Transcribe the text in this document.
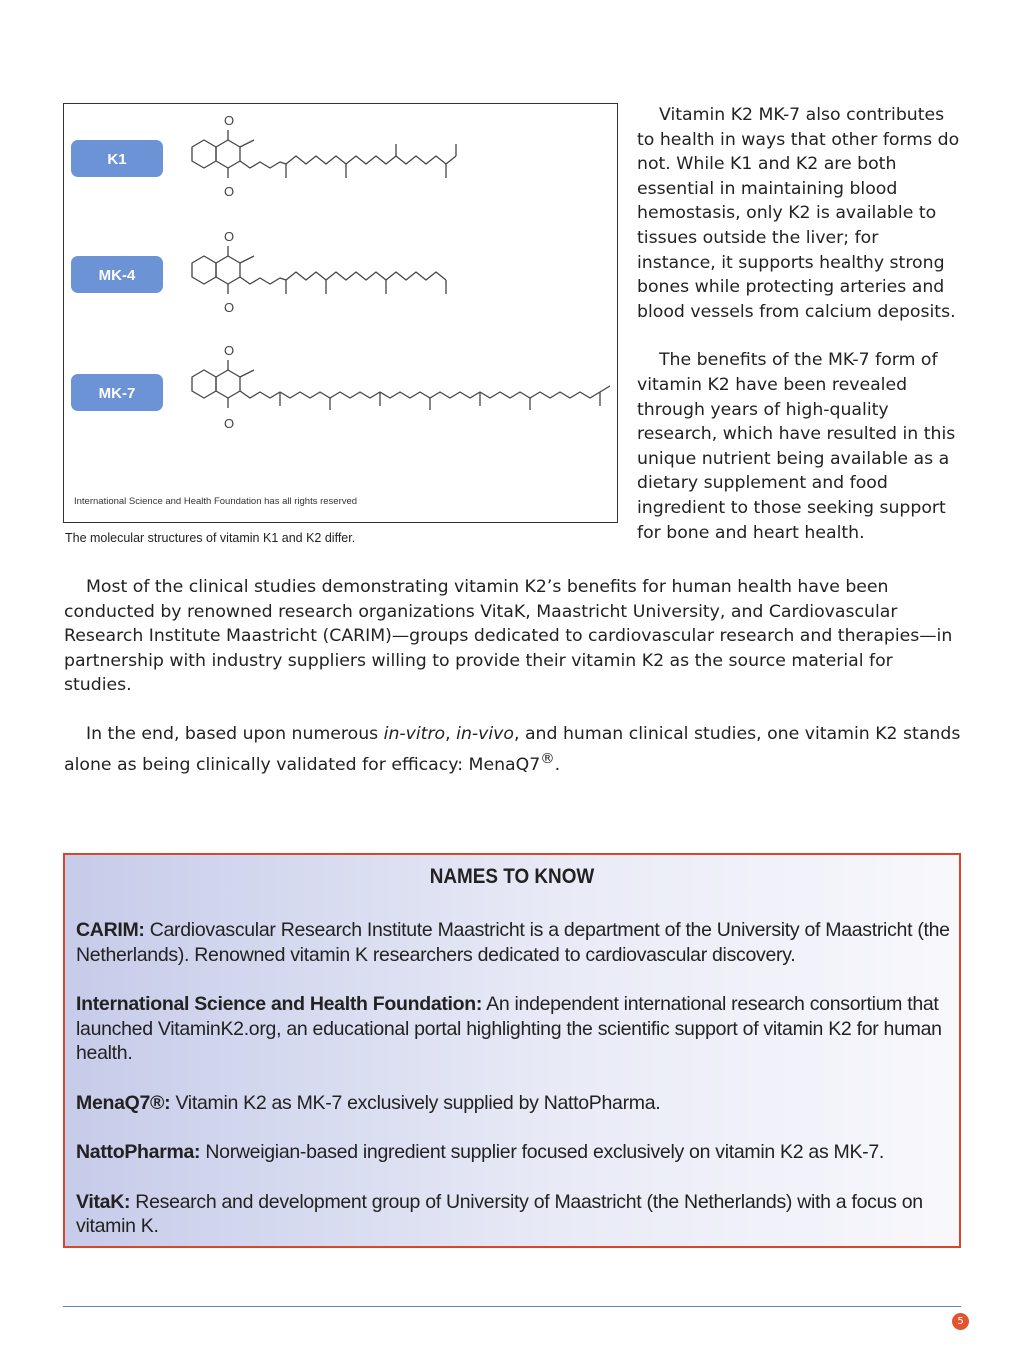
K1
MK-4
MK-7
O
O
O
O
O
O
International Science and Health Foundation has all rights reserved
The molecular structures of vitamin K1 and K2 differ.

Vitamin K2 MK-7 also contributes to health in ways that other forms do not. While K1 and K2 are both essential in maintaining blood hemostasis, only K2 is available to tissues outside the liver; for instance, it supports healthy strong bones while protecting arteries and blood vessels from calcium deposits.

The benefits of the MK-7 form of vitamin K2 have been revealed through years of high-quality research, which have resulted in this unique nutrient being available as a dietary supplement and food ingredient to those seeking support for bone and heart health.

Most of the clinical studies demonstrating vitamin K2’s benefits for human health have been conducted by renowned research organizations VitaK, Maastricht University, and Cardiovascular Research Institute Maastricht (CARIM)—groups dedicated to cardiovascular research and therapies—in partnership with industry suppliers willing to provide their vitamin K2 as the source material for studies.

In the end, based upon numerous in-vitro, in-vivo, and human clinical studies, one vitamin K2 stands alone as being clinically validated for efficacy: MenaQ7®.

NAMES TO KNOW
CARIM: Cardiovascular Research Institute Maastricht is a department of the University of Maastricht (the Netherlands). Renowned vitamin K researchers dedicated to cardiovascular discovery.
International Science and Health Foundation: An independent international research consortium that launched VitaminK2.org, an educational portal highlighting the scientific support of vitamin K2 for human health.
MenaQ7®: Vitamin K2 as MK-7 exclusively supplied by NattoPharma.
NattoPharma: Norweigian-based ingredient supplier focused exclusively on vitamin K2 as MK-7.
VitaK: Research and development group of University of Maastricht (the Netherlands) with a focus on vitamin K.
5
